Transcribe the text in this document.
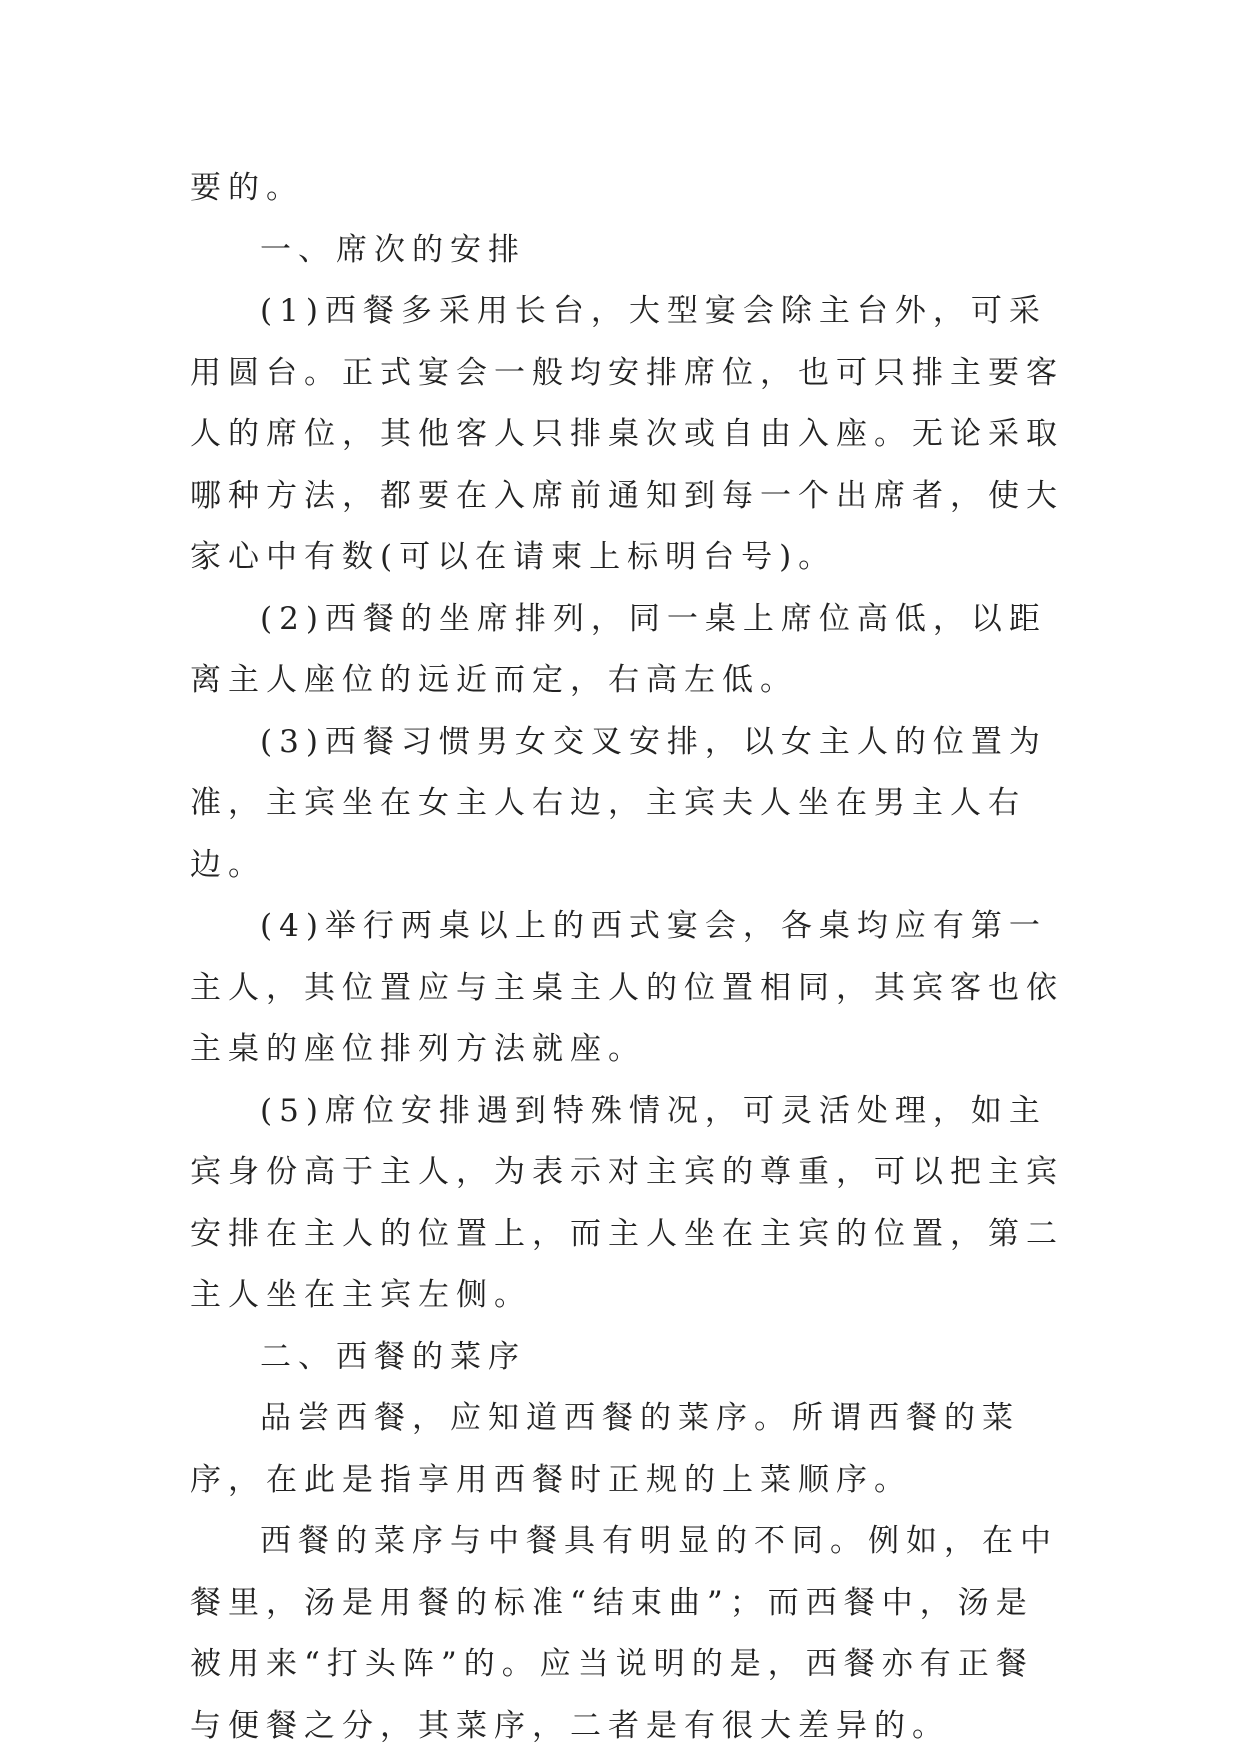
要的。

一、席次的安排

(1)西餐多采用长台，大型宴会除主台外，可采用圆台。正式宴会一般均安排席位，也可只排主要客人的席位，其他客人只排桌次或自由入座。无论采取哪种方法，都要在入席前通知到每一个出席者，使大家心中有数(可以在请柬上标明台号)。

(2)西餐的坐席排列，同一桌上席位高低，以距离主人座位的远近而定，右高左低。

(3)西餐习惯男女交叉安排，以女主人的位置为准，主宾坐在女主人右边，主宾夫人坐在男主人右边。

(4)举行两桌以上的西式宴会，各桌均应有第一主人，其位置应与主桌主人的位置相同，其宾客也依主桌的座位排列方法就座。

(5)席位安排遇到特殊情况，可灵活处理，如主宾身份高于主人，为表示对主宾的尊重，可以把主宾安排在主人的位置上，而主人坐在主宾的位置，第二主人坐在主宾左侧。

二、西餐的菜序

品尝西餐，应知道西餐的菜序。所谓西餐的菜序，在此是指享用西餐时正规的上菜顺序。

西餐的菜序与中餐具有明显的不同。例如，在中餐里，汤是用餐的标准“结束曲”；而西餐中，汤是被用来“打头阵”的。应当说明的是，西餐亦有正餐与便餐之分，其菜序，二者是有很大差异的。
